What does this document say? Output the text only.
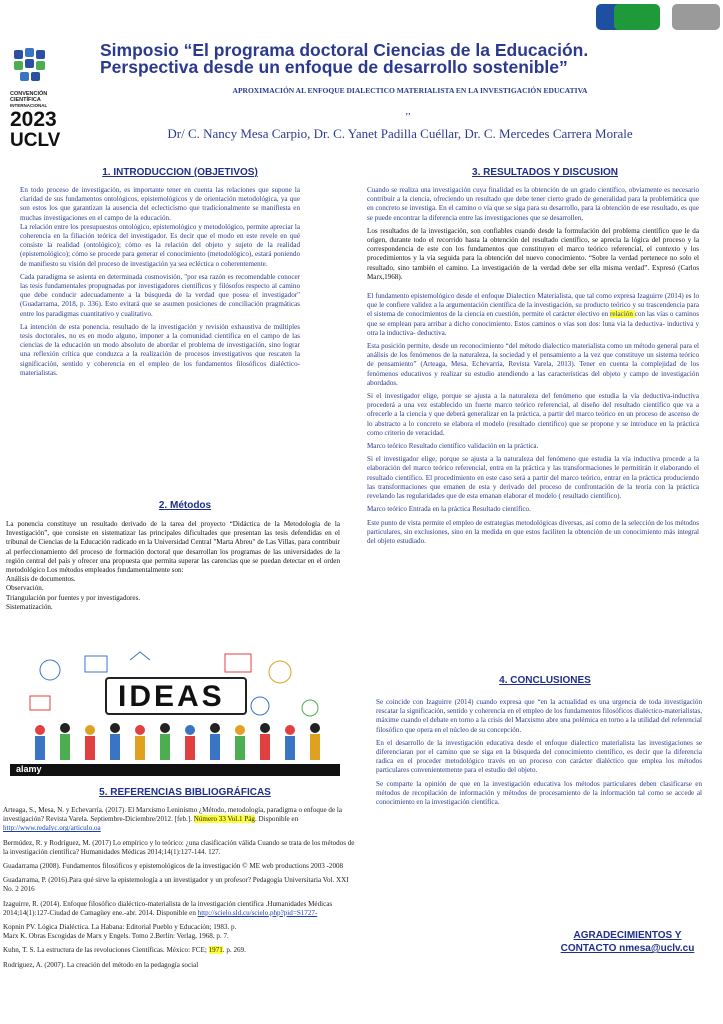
CONVENCIÓN
CIENTÍFICA
INTERNACIONAL
2023
UCLV
Simposio “El programa doctoral Ciencias de la Educación.
Perspectiva desde un enfoque de desarrollo sostenible”
APROXIMACIÓN AL ENFOQUE DIALECTICO MATERIALISTA EN LA INVESTIGACIÓN EDUCATIVA
’’
Dr/ C. Nancy Mesa Carpio, Dr. C. Yanet Padilla Cuéllar, Dr. C. Mercedes Carrera Morale
1. INTRODUCCION (OBJETIVOS)

En todo proceso de investigación, es importante tener en cuenta las relaciones que supone la claridad de sus fundamentos ontológicos, epistemológicos y de orientación metodológica, ya que son estos los que garantizan la ausencia del eclecticismo que tradicionalmente se manifiesta en muchas investigaciones en el campo de la educación.

La relación entre los presupuestos ontológico, epistemológico y metodológico, permite apreciar la coherencia en la filiación teórica del investigador. Es decir que el modo en este revele en qué consiste la realidad (ontológico); cómo es la relación del objeto y sujeto de la realidad (epistemológico); cómo se procede para generar el conocimiento (metodológico), estará poniendo de manifiesto su visión del proceso de investigación ya sea ecléctica o coherentemente.

Cada paradigma se asienta en determinada cosmovisión, "por esa razón es recomendable conocer las tesis fundamentales propugnadas por investigadores científicos y filósofos respecto al camino que debe conducir adecuadamente a la búsqueda de la verdad que posea el investigador"(Guadarrama, 2018, p. 336). Esto evitará que se asumen posiciones de conciliación pragmáticas entre los paradigmas cuantitativo y cualitativo.

La intención de esta ponencia, resultado de la investigación y revisión exhaustiva de múltiples tesis doctorales, no es en modo alguno, imponer a la comunidad científica en el campo de las ciencias de la educación un modo absoluto de abordar el problema de investigación, sino lograr una reflexión crítica que conduzca a la realización de procesos investigativos que rescaten la significación, sentido y coherencia en el empleo de los fundamentos filosóficos dialéctico-materialistas.

2. Métodos
La ponencia constituye un resultado derivado de la tarea del proyecto “Didáctica de la Metodología de la Investigación”, que consiste en sistematizar las principales dificultades que presentan las tesis defendidas en el tribunal de Ciencias de la Educación radicado en la Universidad Central "Marta Abreu" de Las Villas, para contribuir al perfeccionamiento del proceso de formación doctoral que desarrollan los programas de las universidades de la región central del país y ofrecer una propuesta que permita superar las carencias que se puedan detectar en el orden metodológico Los métodos empleados fundamentalmente son:
Análisis de documentos.
Observación.
Triangulación por fuentes y por investigadores.
Sistematización.
IDEAS
alamy
5. REFERENCIAS BIBLIOGRÁFICAS

Arteaga, S., Mesa, N. y Echevarría. (2017). El Marxismo Leninismo ¿Método, metodología, paradigma o enfoque de la investigación? Revista Varela. Septiembre-Diciembre/2012. [feb.]. Número 33 Vol.1 Pág. Disponible en http://www.redalyc.org/articulo.oa

Bermúdez, R. y Rodríguez, M. (2017) Lo empírico y lo teórico: ¿una clasificación válida Cuando se trata de los métodos de la investigación científica? Humanidades Médicas 2014;14(1):127-144. 127.

Guadarrama (2008). Fundamentos filosóficos y epistemológicos de la investigación © ME web productions 2003 -2008

Guadarrama, P. (2016).Para qué sirve la epistemología a un investigador y un profesor? Pedagogía Universitaria Vol. XXI No. 2 2016

Izaguirre, R. (2014). Enfoque filosófico dialéctico-materialista de la investigación científica .Humanidades Médicas 2014;14(1):127-Ciudad de Camagüey ene.-abr. 2014. Disponible en http://scielo.sld.cu/scielo.php?pid=S1727-

Kopnin PV. Lógica Dialéctica. La Habana: Editorial Pueblo y Educación; 1983. p.

Marx K. Obras Escogidas de Marx y Engels. Tomo 2.Berlín: Verlag, 1968. p. 7.

Kuhn, T. S. La estructura de las revoluciones Científicas. México: FCE; 1971. p. 269.

Rodríguez, A. (2007). La creación del método en la pedagogía social

3. RESULTADOS Y DISCUSION

Cuando se realiza una investigación cuya finalidad es la obtención de un grado científico, obviamente es necesario contribuir a la ciencia, ofreciendo un resultado que debe tener cierto grado de generalidad para la problemática que en concreto se investiga. En el camino o vía que se siga para su desarrollo, para la obtención de ese resultado, es que se puede encontrar la diferencia entre las investigaciones que se desarrollen,

Los resultados de la investigación, son confiables cuando desde la formulación del problema científico que le da origen, durante todo el recorrido hasta la obtención del resultado científico, se aprecia la lógica del proceso y la correspondencia de este con los fundamentos que constituyen el marco teórico referencial, el contexto y los procedimientos y la vía seguida para la obtención del nuevo conocimiento. “Sobre la verdad pertenece no solo el resultado, sino también el camino. La investigación de la verdad debe ser ella misma verdad”. Expresó (Carlos Marx,1968).

El fundamento epistemológico desde el enfoque Dialectico Materialista, que tal como expresa Izaguirre (2014) es lo que le confiere validez a la argumentación científica de la investigación, su producto teórico y su trascendencia para el sistema de conocimientos de la ciencia en cuestión, permite el carácter electivo en relación con las vías o caminos que se emplean para arribar a dicho conocimiento. Estos caminos o vías son dos: luna via la deductiva- inductiva y otra la inductiva- deductiva.

Esta posición permite, desde un reconocimiento “del método dialectico materialista como un método general para el análisis de los fenómenos de la naturaleza, la sociedad y el pensamiento a la vez que constituye un sistema teórico de pensamiento” (Arteaga, Mesa, Echevarría, Revista Varela, 2013). Tener en cuenta la complejidad de los fenómenos educativos y realizar su estudio atendiendo a las características del objeto y campo de investigación abordados.

Si el investigador elige, porque se ajusta a la naturaleza del fenómeno que estudia la vía deductiva-inductiva procederá a una vez establecido un fuerte marco teórico referencial, al diseño del resultado científico que va a ofrecerle a la ciencia y que deberá generalizar en la práctica, a partir del marco teórico en un proceso de ascenso de lo abstracto a lo concreto se elabora el modelo (resultado científico) que se propone y se introduce en la práctica como criterio de veracidad.

Marco teórico Resultado científico validación en la práctica.

Si el investigador elige, porque se ajusta a la naturaleza del fenómeno que estudia la vía inductiva procede a la elaboración del marco teórico referencial, entra en la práctica y las transformaciones le permitirán ir elaborando el resultado científico. El procedimiento en este caso será a partir del marco teórico, entrar en la práctica produciendo las transformaciones que emanen de esta y derivado del proceso de confrontación de la teoría con la práctica revelando las regularidades que de esta emanan elaborar el modelo ( resultado científico).

Marco teórico Entrada en la práctica Resultado científico.

Este punto de vista permite el empleo de estrategias metodológicas diversas, así como de la selección de los métodos particulares, sin exclusiones, sino en la medida en que estos faciliten la obtención de un conocimiento más integral del objeto estudiado.

4. CONCLUSIONES

Se coincide con Izaguirre (2014) cuando expresa que “en la actualidad es una urgencia de toda investigación rescatar la significación, sentido y coherencia en el empleo de los fundamentos filosóficos dialéctico-materialistas, máxime cuando el debate en torno a la crisis del Marxismo abre una polémica en torno a la utilidad del referencial filosófico que opera en el núcleo de su concepción.

En el desarrollo de la investigación educativa desde el enfoque dialectico materialista las investigaciones se diferenciaran por el camino que se siga en la búsqueda del conocimiento científico, es decir que la diferencia radica en el proceder metodológico través en un proceso con carácter dialéctico que emplea los métodos particulares convenientemente para el estudio del objeto.

Se comparte la opinión de que en la investigación educativa los métodos particulares deben clasificarse en métodos de recopilación de información y métodos de procesamiento de la información tal como se accede al conocimiento en la investigación científica.

AGRADECIMIENTOS Y
CONTACTO nmesa@uclv.cu
